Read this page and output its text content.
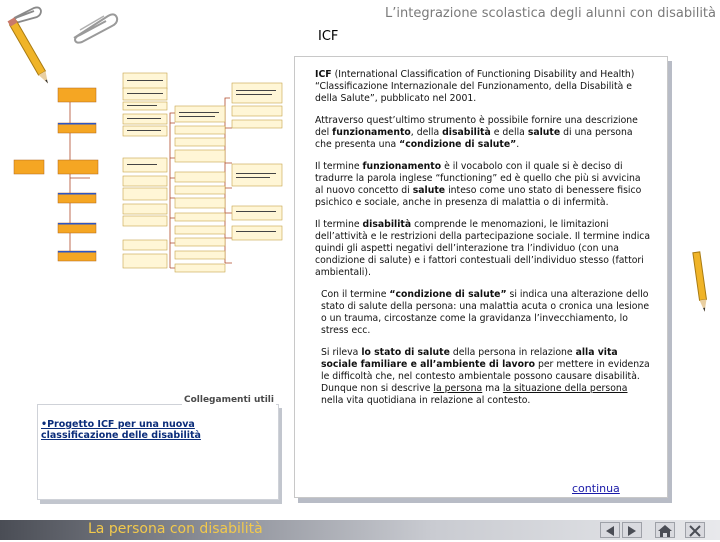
L’integrazione scolastica degli alunni con disabilità
ICF

ICF (International Classification of Functioning Disability and Health) “Classificazione Internazionale del Funzionamento, della Disabilità e della Salute”, pubblicato nel 2001.

Attraverso quest’ultimo strumento è possibile fornire una descrizione del funzionamento, della disabilità e della salute di una persona che presenta una “condizione di salute”.

Il termine funzionamento è il vocabolo con il quale si è deciso di tradurre la parola inglese “functioning” ed è quello che più si avvicina al nuovo concetto di salute inteso come uno stato di benessere fisico psichico e sociale, anche in presenza di malattia o di infermità.

Il termine disabilità comprende le menomazioni, le limitazioni dell’attività e le restrizioni della partecipazione sociale. Il termine indica quindi gli aspetti negativi dell’interazione tra l’individuo (con una condizione di salute) e i fattori contestuali dell’individuo stesso (fattori ambientali).

Con il termine “condizione di salute” si indica una alterazione dello stato di salute della persona: una malattia acuta o cronica una lesione o un trauma, circostanze come la gravidanza l’invecchiamento, lo stress ecc.

Si rileva lo stato di salute della persona in relazione alla vita sociale familiare e all’ambiente di lavoro per mettere in evidenza le difficoltà che, nel contesto ambientale possono causare disabilità. Dunque non si descrive la persona ma la situazione della persona nella vita quotidiana in relazione al contesto.

continua
•Progetto ICF per una nuova classificazione delle disabilità
Collegamenti utili
La persona con disabilità
